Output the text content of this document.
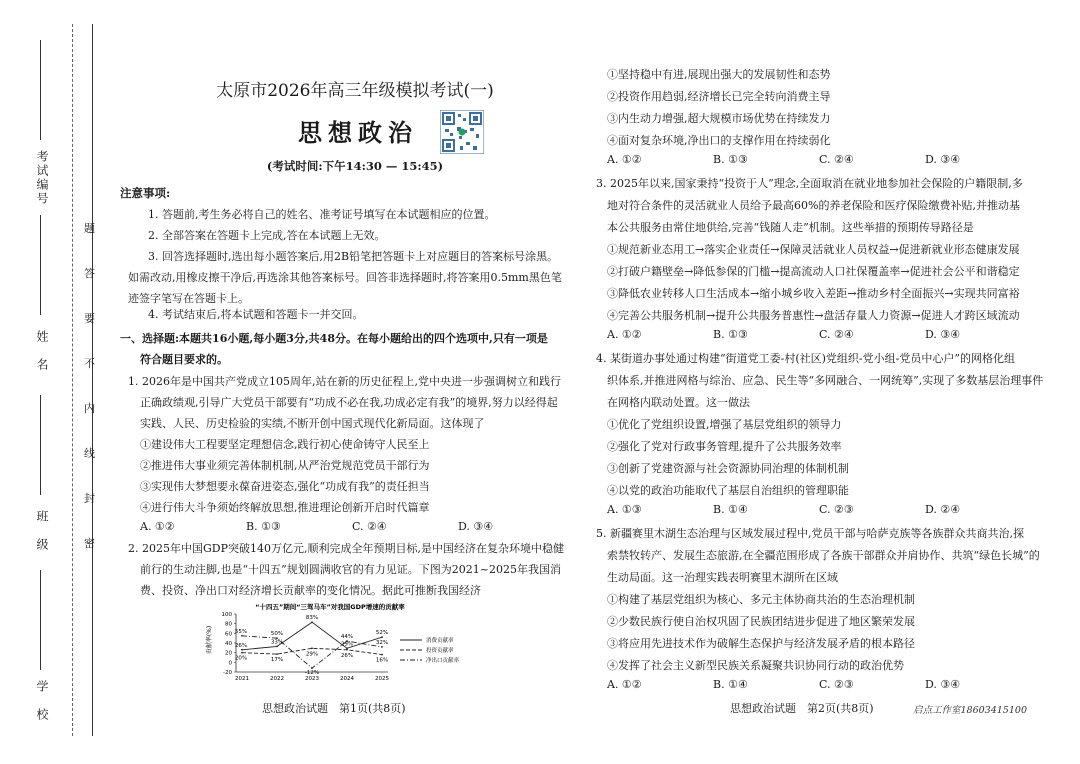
考试编号
姓　名
班　级
学　校
题
答
要
不
内
线
封
密
太原市2026年高三年级模拟考试(一)
思想政治
(考试时间:下午14:30 — 15:45)
注意事项:
1. 答题前,考生务必将自己的姓名、准考证号填写在本试题相应的位置。
2. 全部答案在答题卡上完成,答在本试题上无效。
3. 回答选择题时,选出每小题答案后,用2B铅笔把答题卡上对应题目的答案标号涂黑。
如需改动,用橡皮擦干净后,再选涂其他答案标号。回答非选择题时,将答案用0.5mm黑色笔
迹签字笔写在答题卡上。
4. 考试结束后,将本试题和答题卡一并交回。
一、选择题:本题共16小题,每小题3分,共48分。在每小题给出的四个选项中,只有一项是
符合题目要求的。
1. 2026年是中国共产党成立105周年,站在新的历史征程上,党中央进一步强调树立和践行
正确政绩观,引导广大党员干部要有“功成不必在我,功成必定有我”的境界,努力以经得起
实践、人民、历史检验的实绩,不断开创中国式现代化新局面。这体现了
①建设伟大工程要坚定理想信念,践行初心使命铸守人民至上
②推进伟大事业须完善体制机制,从严治党规范党员干部行为
③实现伟大梦想要永葆奋进姿态,强化“功成有我”的责任担当
④进行伟大斗争须始终解放思想,推进理论创新开启时代篇章
A. ①②	B. ①③	C. ②④	D. ③④
2. 2025年中国GDP突破140万亿元,顺利完成全年预期目标,是中国经济在复杂环境中稳健
前行的生动注脚,也是“十四五”规划圆满收官的有力见证。下图为2021~2025年我国消
费、投资、净出口对经济增长贡献率的变化情况。据此可推断我国经济
“十四五”期间“三驾马车”对我国GDP增速的贡献率
贡献率(%)
-20
0
20
40
60
80
100
2021	2022	2023	2024	2025
55%	50%
-12%
44%
32%
26%
33%
83%
29%
52%
20%	17%
29%	26%
16%
消费贡献率
投资贡献率
净出口贡献率
①坚持稳中有进,展现出强大的发展韧性和态势
②投资作用趋弱,经济增长已完全转向消费主导
③内生动力增强,超大规模市场优势在持续发力
④面对复杂环境,净出口的支撑作用在持续弱化
A. ①②	B. ①③	C. ②④	D. ③④
3. 2025年以来,国家秉持“投资于人”理念,全面取消在就业地参加社会保险的户籍限制,多
地对符合条件的灵活就业人员给予最高60%的养老保险和医疗保险缴费补贴,并推动基
本公共服务由常住地供给,完善“钱随人走”机制。这些举措的预期传导路径是
①规范新业态用工→落实企业责任→保障灵活就业人员权益→促进新就业形态健康发展
②打破户籍壁垒→降低参保的门槛→提高流动人口社保覆盖率→促进社会公平和谐稳定
③降低农业转移人口生活成本→缩小城乡收入差距→推动乡村全面振兴→实现共同富裕
④完善公共服务机制→提升公共服务普惠性→盘活存量人力资源→促进人才跨区域流动
A. ①②	B. ①③	C. ②④	D. ③④
4. 某街道办事处通过构建“街道党工委-村(社区)党组织-党小组-党员中心户”的网格化组
织体系,并推进网格与综治、应急、民生等“多网融合、一网统筹”,实现了多数基层治理事件
在网格内联动处置。这一做法
①优化了党组织设置,增强了基层党组织的领导力
②强化了党对行政事务管理,提升了公共服务效率
③创新了党建资源与社会资源协同治理的体制机制
④以党的政治功能取代了基层自治组织的管理职能
A. ①③	B. ①④	C. ②③	D. ②④
5. 新疆赛里木湖生态治理与区域发展过程中,党员干部与哈萨克族等各族群众共商共治,探
索禁牧转产、发展生态旅游,在全疆范围形成了各族干部群众并肩协作、共筑“绿色长城”的
生动局面。这一治理实践表明赛里木湖所在区域
①构建了基层党组织为核心、多元主体协商共治的生态治理机制
②少数民族行使自治权巩固了民族团结进步促进了地区繁荣发展
③将应用先进技术作为破解生态保护与经济发展矛盾的根本路径
④发挥了社会主义新型民族关系凝聚共识协同行动的政治优势
A. ①②	B. ①④	C. ②③	D. ③④
思想政治试题　第1页(共8页)	思想政治试题　第2页(共8页)	启点工作室18603415100
